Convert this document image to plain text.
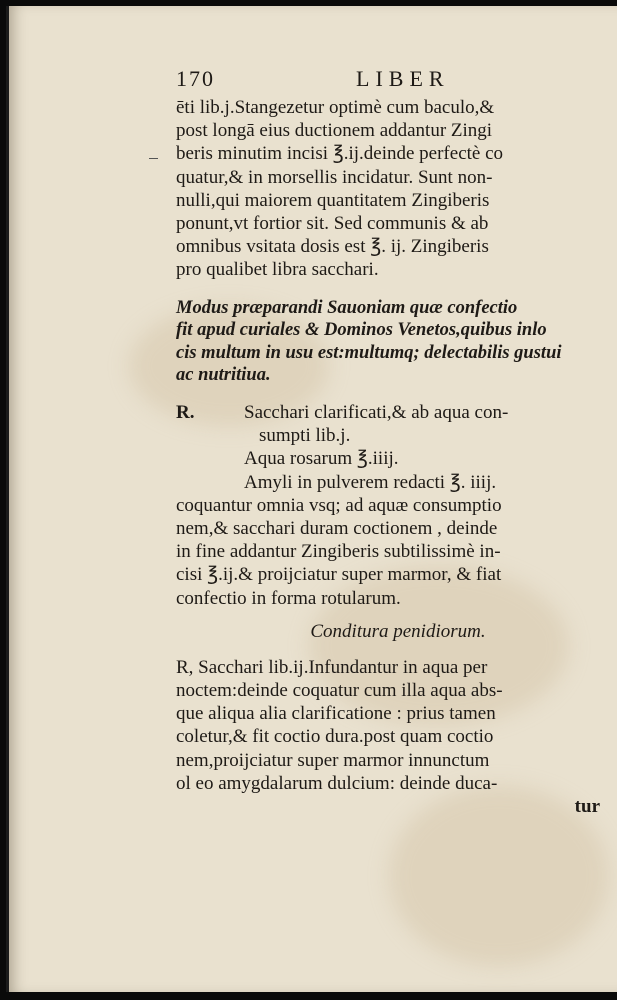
170	LIBER
ēti lib.j.Stangezetur optimè cum baculo,&
post longā eius ductionem addantur Zingi
beris minutim incisi ℥.ij.deinde perfectè co
quatur,& in morsellis incidatur. Sunt non-
nulli,qui maiorem quantitatem Zingiberis
ponunt,vt fortior sit. Sed communis & ab
omnibus vsitata dosis est ℥. ij. Zingiberis
pro qualibet libra sacchari.
Modus præparandi Sauoniam quæ confectio
fit apud curiales & Dominos Venetos,quibus inlo
cis multum in usu est:multumq; delectabilis gustui
ac nutritiua.
R.	Sacchari clarificati,& ab aqua con-
sumpti lib.j.
Aqua rosarum ℥.iiij.
Amyli in pulverem redacti ℥. iiij.
coquantur omnia vsq; ad aquæ consumptio
nem,& sacchari duram coctionem , deinde
in fine addantur Zingiberis subtilissimè in-
cisi ℥.ij.& proijciatur super marmor, & fiat
confectio in forma rotularum.
Conditura penidiorum.
R, Sacchari lib.ij.Infundantur in aqua per
noctem:deinde coquatur cum illa aqua abs-
que aliqua alia clarificatione : prius tamen
coletur,& fit coctio dura.post quam coctio
nem,proijciatur super marmor innunctum
ol eo amygdalarum dulcium: deinde duca-
tur
